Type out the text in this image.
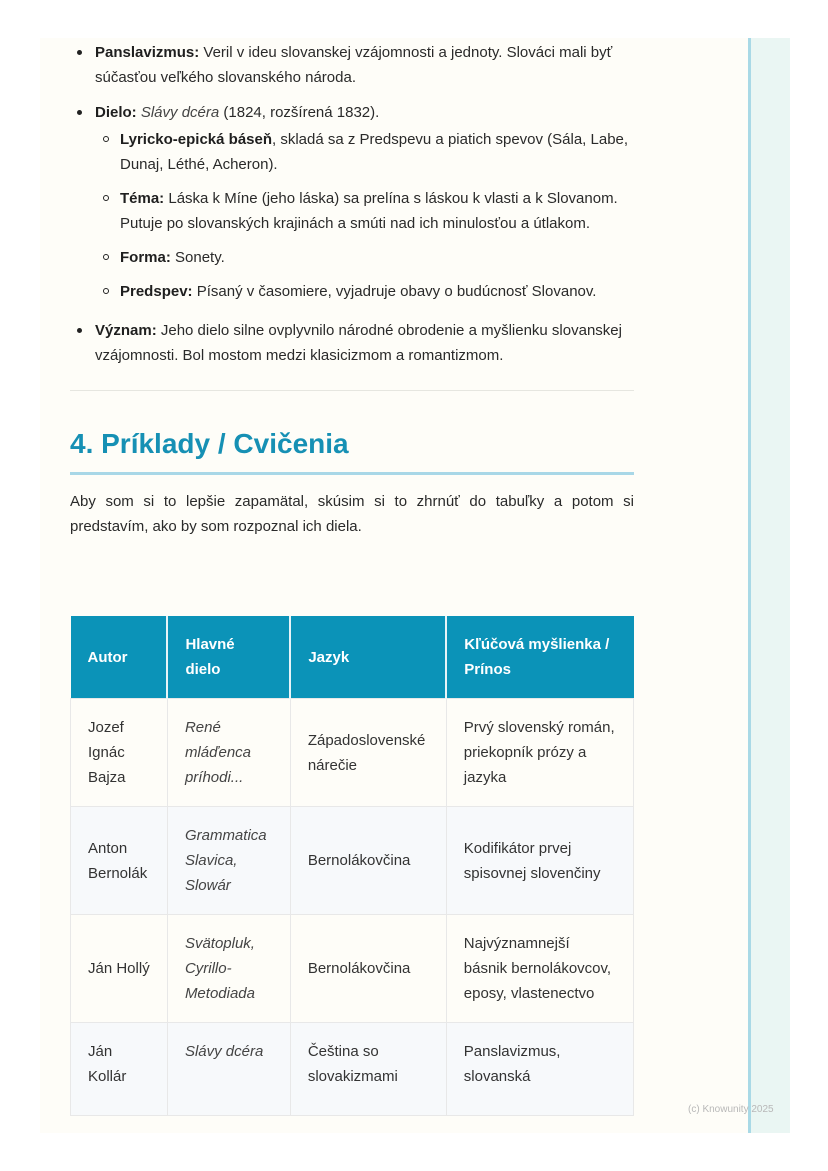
Panslavizmus: Veril v ideu slovanskej vzájomnosti a jednoty. Slováci mali byť súčasťou veľkého slovanského národa.
Dielo: Slávy dcéra (1824, rozšírená 1832).
Lyricko-epická báseň, skladá sa z Predspevu a piatich spevov (Sála, Labe, Dunaj, Léthé, Acheron).
Téma: Láska k Míne (jeho láska) sa prelína s láskou k vlasti a k Slovanom. Putuje po slovanských krajinách a smúti nad ich minulosťou a útlakom.
Forma: Sonety.
Predspev: Písaný v časomiere, vyjadruje obavy o budúcnosť Slovanov.
Význam: Jeho dielo silne ovplyvnilo národné obrodenie a myšlienku slovanskej vzájomnosti. Bol mostom medzi klasicizmom a romantizmom.
4. Príklady / Cvičenia

Aby som si to lepšie zapamätal, skúsim si to zhrnúť do tabuľky a potom si predstavím, ako by som rozpoznal ich diela.

Autor	Hlavné dielo	Jazyk	Kľúčová myšlienka / Prínos
Jozef Ignác Bajza	René mláďenca príhodi...	Západoslovenské nárečie	Prvý slovenský román, priekopník prózy a jazyka
Anton Bernolák	Grammatica Slavica, Slowár	Bernolákovčina	Kodifikátor prvej spisovnej slovenčiny
Ján Hollý	Svätopluk, Cyrillo-Metodiada	Bernolákovčina	Najvýznamnejší básnik bernolákovcov, eposy, vlastenectvo
Ján Kollár	Slávy dcéra	Čeština so slovakizmami	Panslavizmus, slovanská
(c) Knowunity 2025
